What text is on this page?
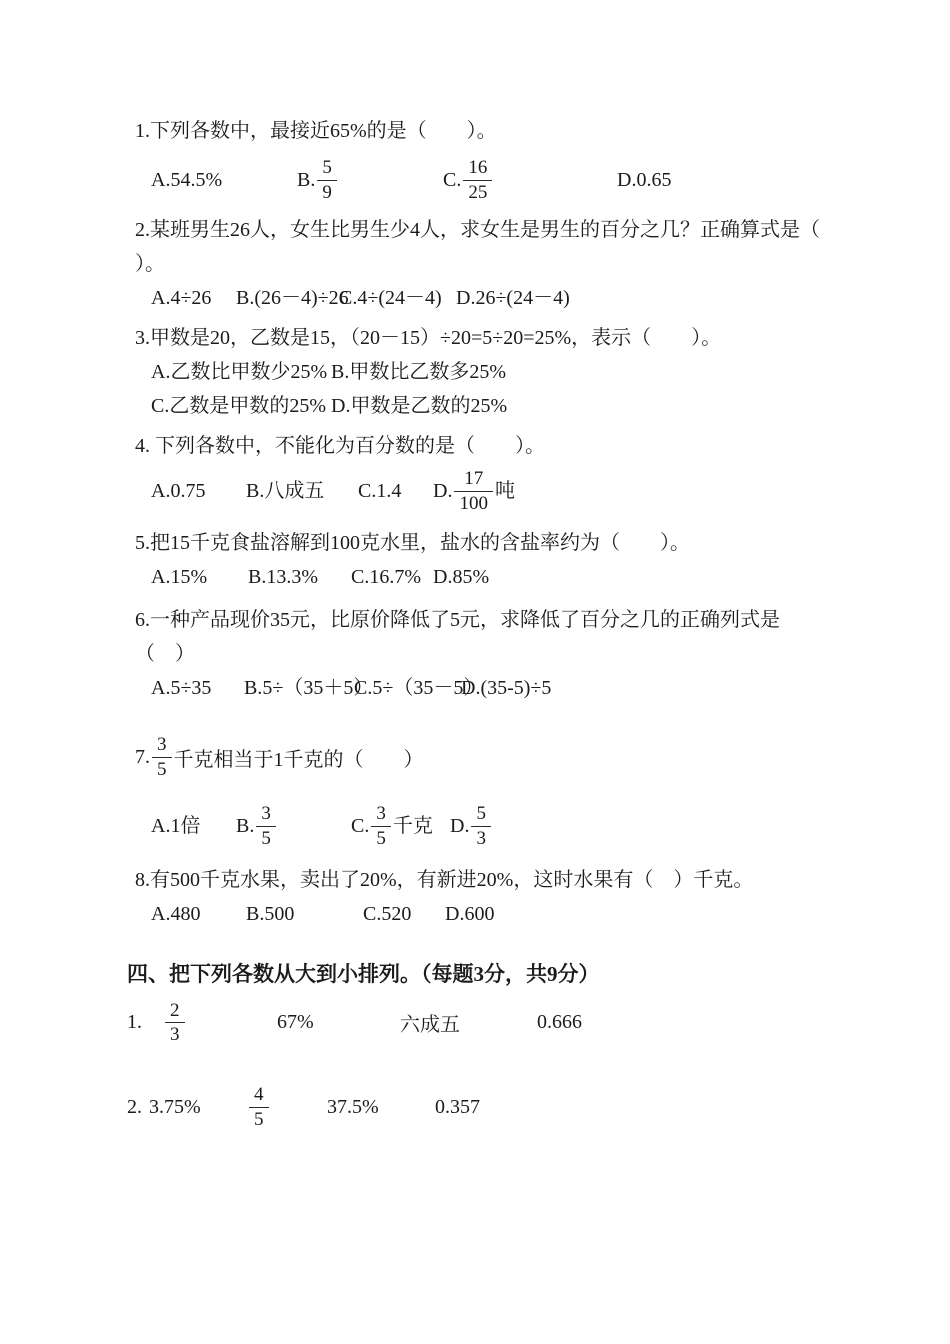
1.下列各数中，最接近65%的是（　　）。
A.54.5%	B. $\frac{5}{9}$	C. $\frac{16}{25}$	D.0.65
2.某班男生26人，女生比男生少4人，求女生是男生的百分之几？正确算式是（
）。
A.4÷26	B.(26－4)÷26
C.4÷(24－4) D.26÷(24－4)
3.甲数是20，乙数是15，（20－15）÷20=5÷20=25%，表示（　　）。
A.乙数比甲数少25% B.甲数比乙数多25%
C.乙数是甲数的25% D.甲数是乙数的25%
4. 下列各数中，不能化为百分数的是（　　）。
A.0.75	B.八成五	C.1.4	D. $\frac{17}{100}$ 吨
5.把15千克食盐溶解到100克水里，盐水的含盐率约为（　　）。
A.15%	B.13.3%	C.16.7% D.85%
6.一种产品现价35元，比原价降低了5元，求降低了百分之几的正确列式是
（　）
A.5÷35	B.5÷（35＋5）
C.5÷（35－5）
D.(35-5)÷5
7. $\frac{3}{5}$ 千克相当于1千克的（　　）
A.1倍	B. $\frac{3}{5}$	C. $\frac{3}{5}$ 千克 D. $\frac{5}{3}$
8.有500千克水果，卖出了20%，有新进20%，这时水果有（　）千克。
A.480	B.500	C.520	D.600
四、把下列各数从大到小排列。（每题3分，共9分）
1.	$\frac{2}{3}$	67%	六成五	0.666
2. 3.75%	$\frac{4}{5}$	37.5%	0.357
